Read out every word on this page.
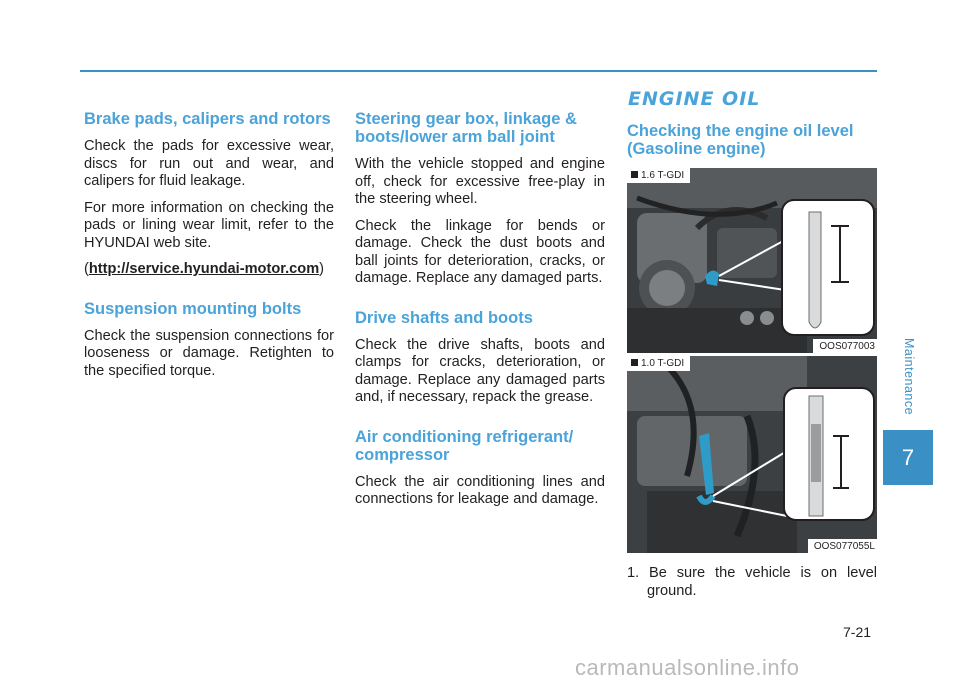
Brake pads, calipers and rotors

Check the pads for excessive wear, discs for run out and wear, and calipers for fluid leakage.

For more information on checking the pads or lining wear limit, refer to the HYUNDAI web site.

(http://service.hyundai-motor.com)

Suspension mounting bolts

Check the suspension connections for looseness or damage. Retighten to the specified torque.

Steering gear box, linkage & boots/lower arm ball joint

With the vehicle stopped and engine off, check for excessive free-play in the steering wheel.

Check the linkage for bends or damage. Check the dust boots and ball joints for deterioration, cracks, or damage. Replace any damaged parts.

Drive shafts and boots

Check the drive shafts, boots and clamps for cracks, deterioration, or damage. Replace any damaged parts and, if necessary, repack the grease.

Air conditioning refrigerant/ compressor

Check the air conditioning lines and connections for leakage and damage.

ENGINE OIL
Checking the engine oil level (Gasoline engine)
1.6 T-GDI
OOS077003
1.0 T-GDI
OOS077055L
1. Be sure the vehicle is on level ground.
Maintenance
7
7-21
carmanualsonline.info
